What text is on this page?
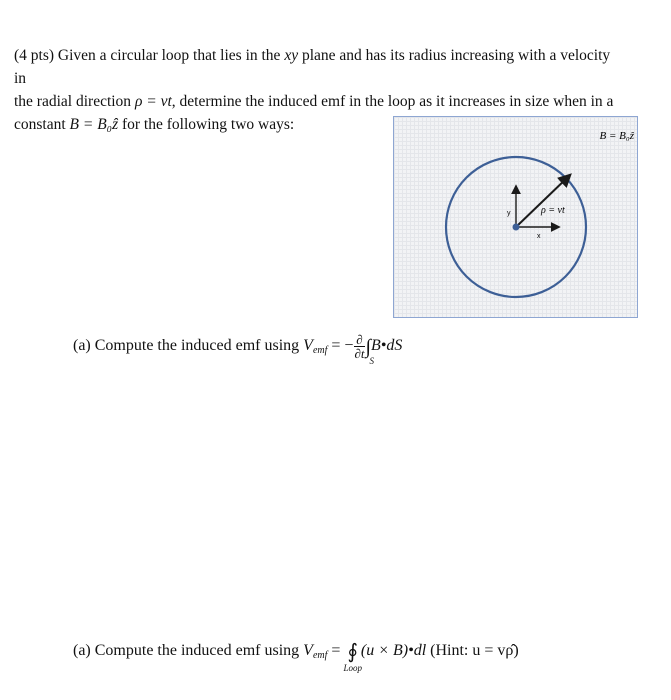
(4 pts) Given a circular loop that lies in the xy plane and has its radius increasing with a velocity in
the radial direction ρ = vt, determine the induced emf in the loop as it increases in size when in a
constant B = B₀ẑ for the following two ways:

B = B₀ẑ
ρ = vt
y
x

(a) Compute the induced emf using $V_{emf}$ = − $\frac{\partial}{\partial t}$ ∫
S
B•dS

(a) Compute the induced emf using $V_{emf}$ = ∮
Loop
(u × B)•dl (Hint: u = vρ̂)
